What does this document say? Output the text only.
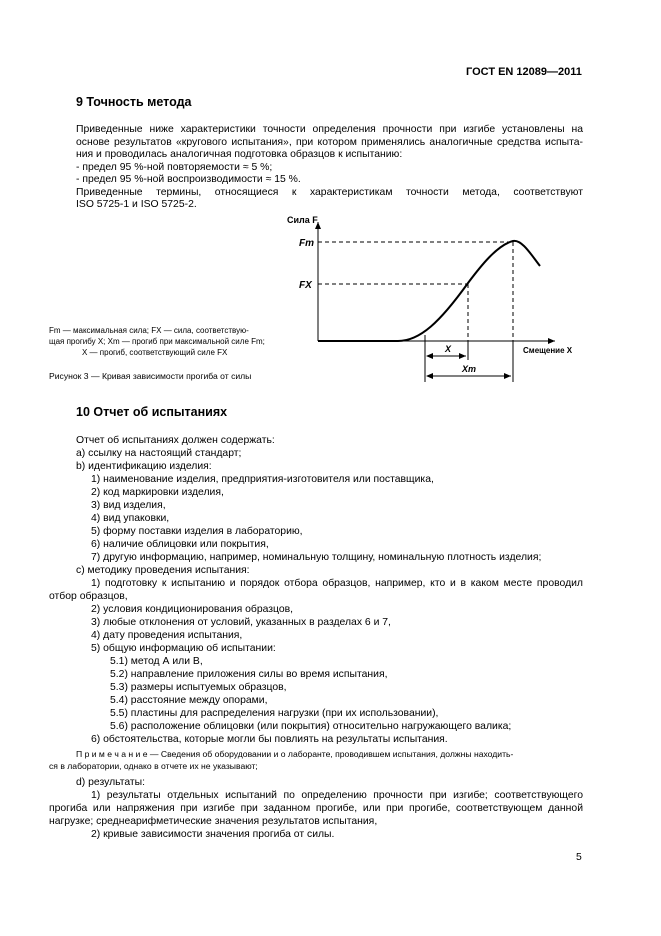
ГОСТ EN 12089—2011
9 Точность метода
Приведенные ниже характеристики точности определения прочности при изгибе установлены на
основе результатов «кругового испытания», при котором применялись аналогичные средства испыта-
ния и проводилась аналогичная подготовка образцов к испытанию:
- предел 95 %-ной повторяемости ≈ 5 %;
- предел 95 %-ной воспроизводимости ≈ 15 %.
Приведенные термины, относящиеся к характеристикам точности метода, соответствуют
ISO 5725-1 и ISO 5725-2.
Сила F
Fm
FX
X
Xm
Смещение X
Fm — максимальная сила; FX — сила, соответствую-
щая прогибу X; Xm — прогиб при максимальной силе Fm;
X — прогиб, соответствующий силе FX
Рисунок 3 — Кривая зависимости прогиба от силы
10 Отчет об испытаниях
Отчет об испытаниях должен содержать:
a) ссылку на настоящий стандарт;
b) идентификацию изделия:
1) наименование изделия, предприятия-изготовителя или поставщика,
2) код маркировки изделия,
3) вид изделия,
4) вид упаковки,
5) форму поставки изделия в лабораторию,
6) наличие облицовки или покрытия,
7) другую информацию, например, номинальную толщину, номинальную плотность изделия;
c) методику проведения испытания:
1) подготовку к испытанию и порядок отбора образцов, например, кто и в каком месте проводил
отбор образцов,
2) условия кондиционирования образцов,
3) любые отклонения от условий, указанных в разделах 6 и 7,
4) дату проведения испытания,
5) общую информацию об испытании:
5.1) метод А или В,
5.2) направление приложения силы во время испытания,
5.3) размеры испытуемых образцов,
5.4) расстояние между опорами,
5.5) пластины для распределения нагрузки (при их использовании),
5.6) расположение облицовки (или покрытия) относительно нагружающего валика;
6) обстоятельства, которые могли бы повлиять на результаты испытания.
П р и м е ч а н и е — Сведения об оборудовании и о лаборанте, проводившем испытания, должны находить-
ся в лаборатории, однако в отчете их не указывают;
d) результаты:
1) результаты отдельных испытаний по определению прочности при изгибе; соответствующего
прогиба или напряжения при изгибе при заданном прогибе, или при прогибе, соответствующем данной
нагрузке; среднеарифметические значения результатов испытания,
2) кривые зависимости значения прогиба от силы.
5
